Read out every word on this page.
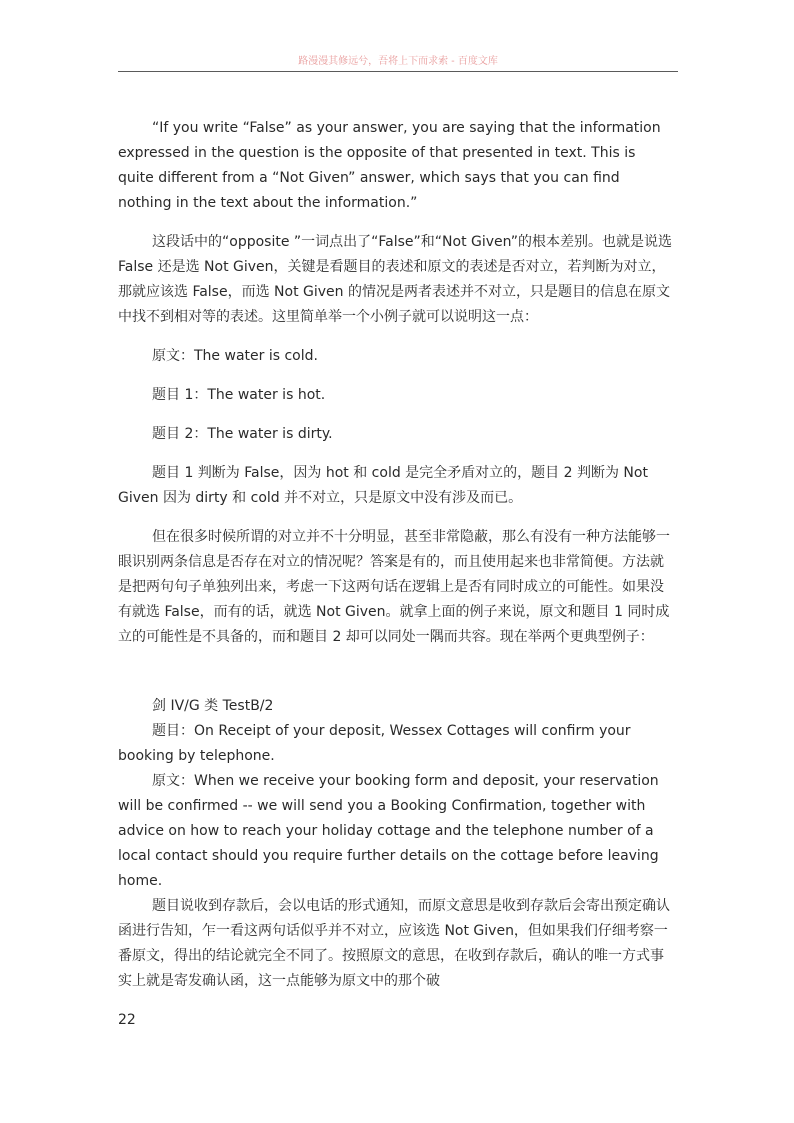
路漫漫其修远兮，吾将上下而求索 - 百度文库

“If you write “False” as your answer, you are saying that the information expressed in the question is the opposite of that presented in text. This is quite different from a “Not Given” answer, which says that you can find nothing in the text about the information.”

这段话中的“opposite ”一词点出了“False”和“Not Given”的根本差别。也就是说选 False 还是选 Not Given，关键是看题目的表述和原文的表述是否对立，若判断为对立，那就应该选 False，而选 Not Given 的情况是两者表述并不对立，只是题目的信息在原文中找不到相对等的表述。这里简单举一个小例子就可以说明这一点：

原文：The water is cold.

题目 1：The water is hot.

题目 2：The water is dirty.

题目 1 判断为 False，因为 hot 和 cold 是完全矛盾对立的，题目 2 判断为 Not Given 因为 dirty 和 cold 并不对立，只是原文中没有涉及而已。

但在很多时候所谓的对立并不十分明显，甚至非常隐蔽，那么有没有一种方法能够一眼识别两条信息是否存在对立的情况呢？答案是有的，而且使用起来也非常简便。方法就是把两句句子单独列出来，考虑一下这两句话在逻辑上是否有同时成立的可能性。如果没有就选 False，而有的话，就选 Not Given。就拿上面的例子来说，原文和题目 1 同时成立的可能性是不具备的，而和题目 2 却可以同处一隅而共容。现在举两个更典型例子：

剑 IV/G 类 TestB/2

题目：On Receipt of your deposit, Wessex Cottages will confirm your booking by telephone.

原文：When we receive your booking form and deposit, your reservation will be confirmed -- we will send you a Booking Confirmation, together with advice on how to reach your holiday cottage and the telephone number of a local contact should you require further details on the cottage before leaving home.

题目说收到存款后，会以电话的形式通知，而原文意思是收到存款后会寄出预定确认函进行告知，乍一看这两句话似乎并不对立，应该选 Not Given，但如果我们仔细考察一番原文，得出的结论就完全不同了。按照原文的意思，在收到存款后，确认的唯一方式事实上就是寄发确认函，这一点能够为原文中的那个破

22
